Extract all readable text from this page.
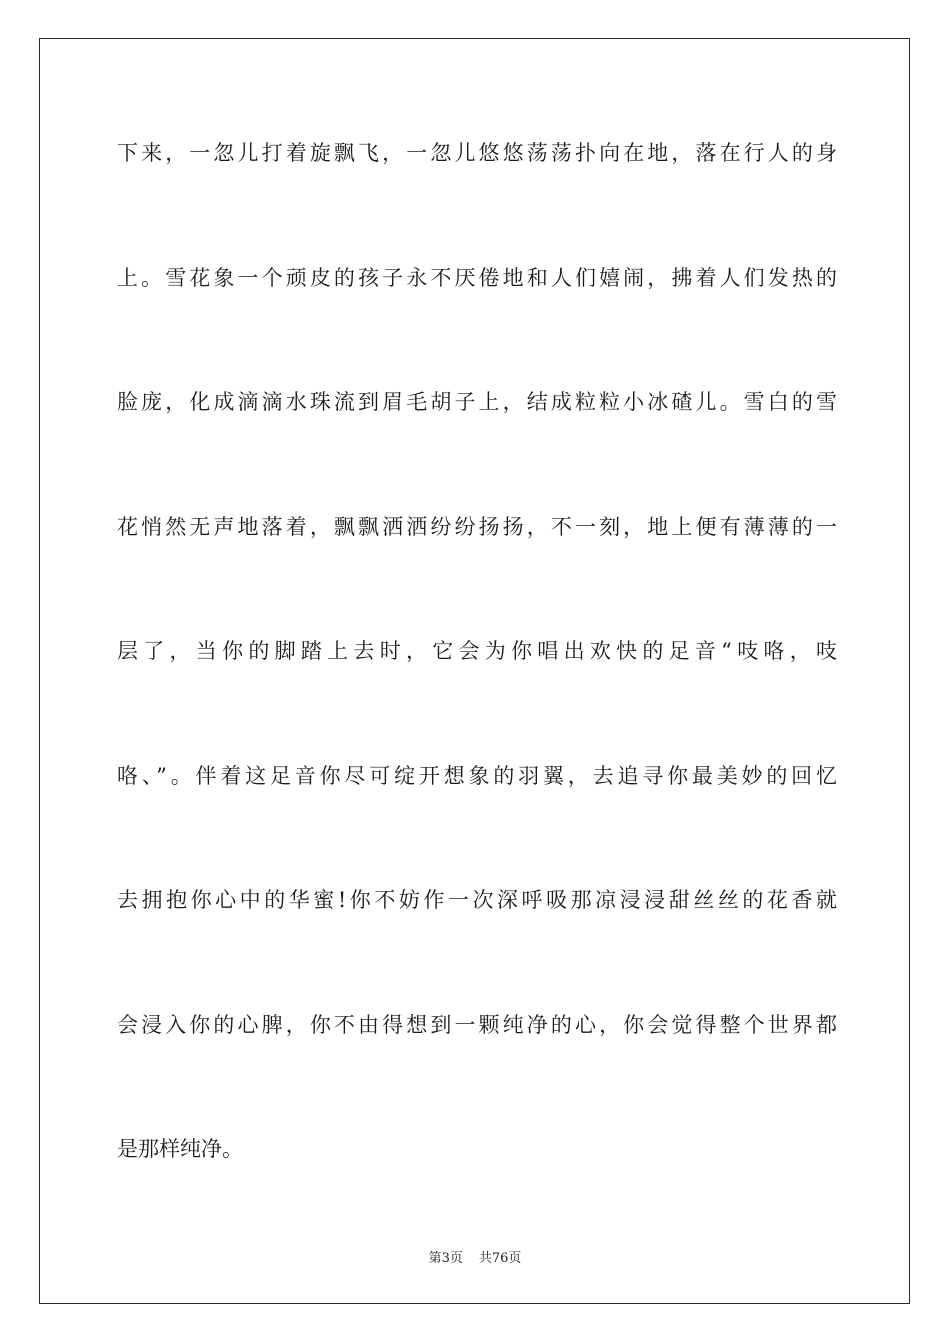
下来，一忽儿打着旋飘飞，一忽儿悠悠荡荡扑向在地，落在行人的身
上。雪花象一个顽皮的孩子永不厌倦地和人们嬉闹，拂着人们发热的
脸庞，化成滴滴水珠流到眉毛胡子上，结成粒粒小冰碴儿。雪白的雪
花悄然无声地落着，飘飘洒洒纷纷扬扬，不一刻，地上便有薄薄的一
层了，当你的脚踏上去时，它会为你唱出欢快的足音“吱咯，吱
咯、”。伴着这足音你尽可绽开想象的羽翼，去追寻你最美妙的回忆
去拥抱你心中的华蜜!你不妨作一次深呼吸那凉浸浸甜丝丝的花香就
会浸入你的心脾，你不由得想到一颗纯净的心，你会觉得整个世界都
是那样纯净。
第3页 共76页
